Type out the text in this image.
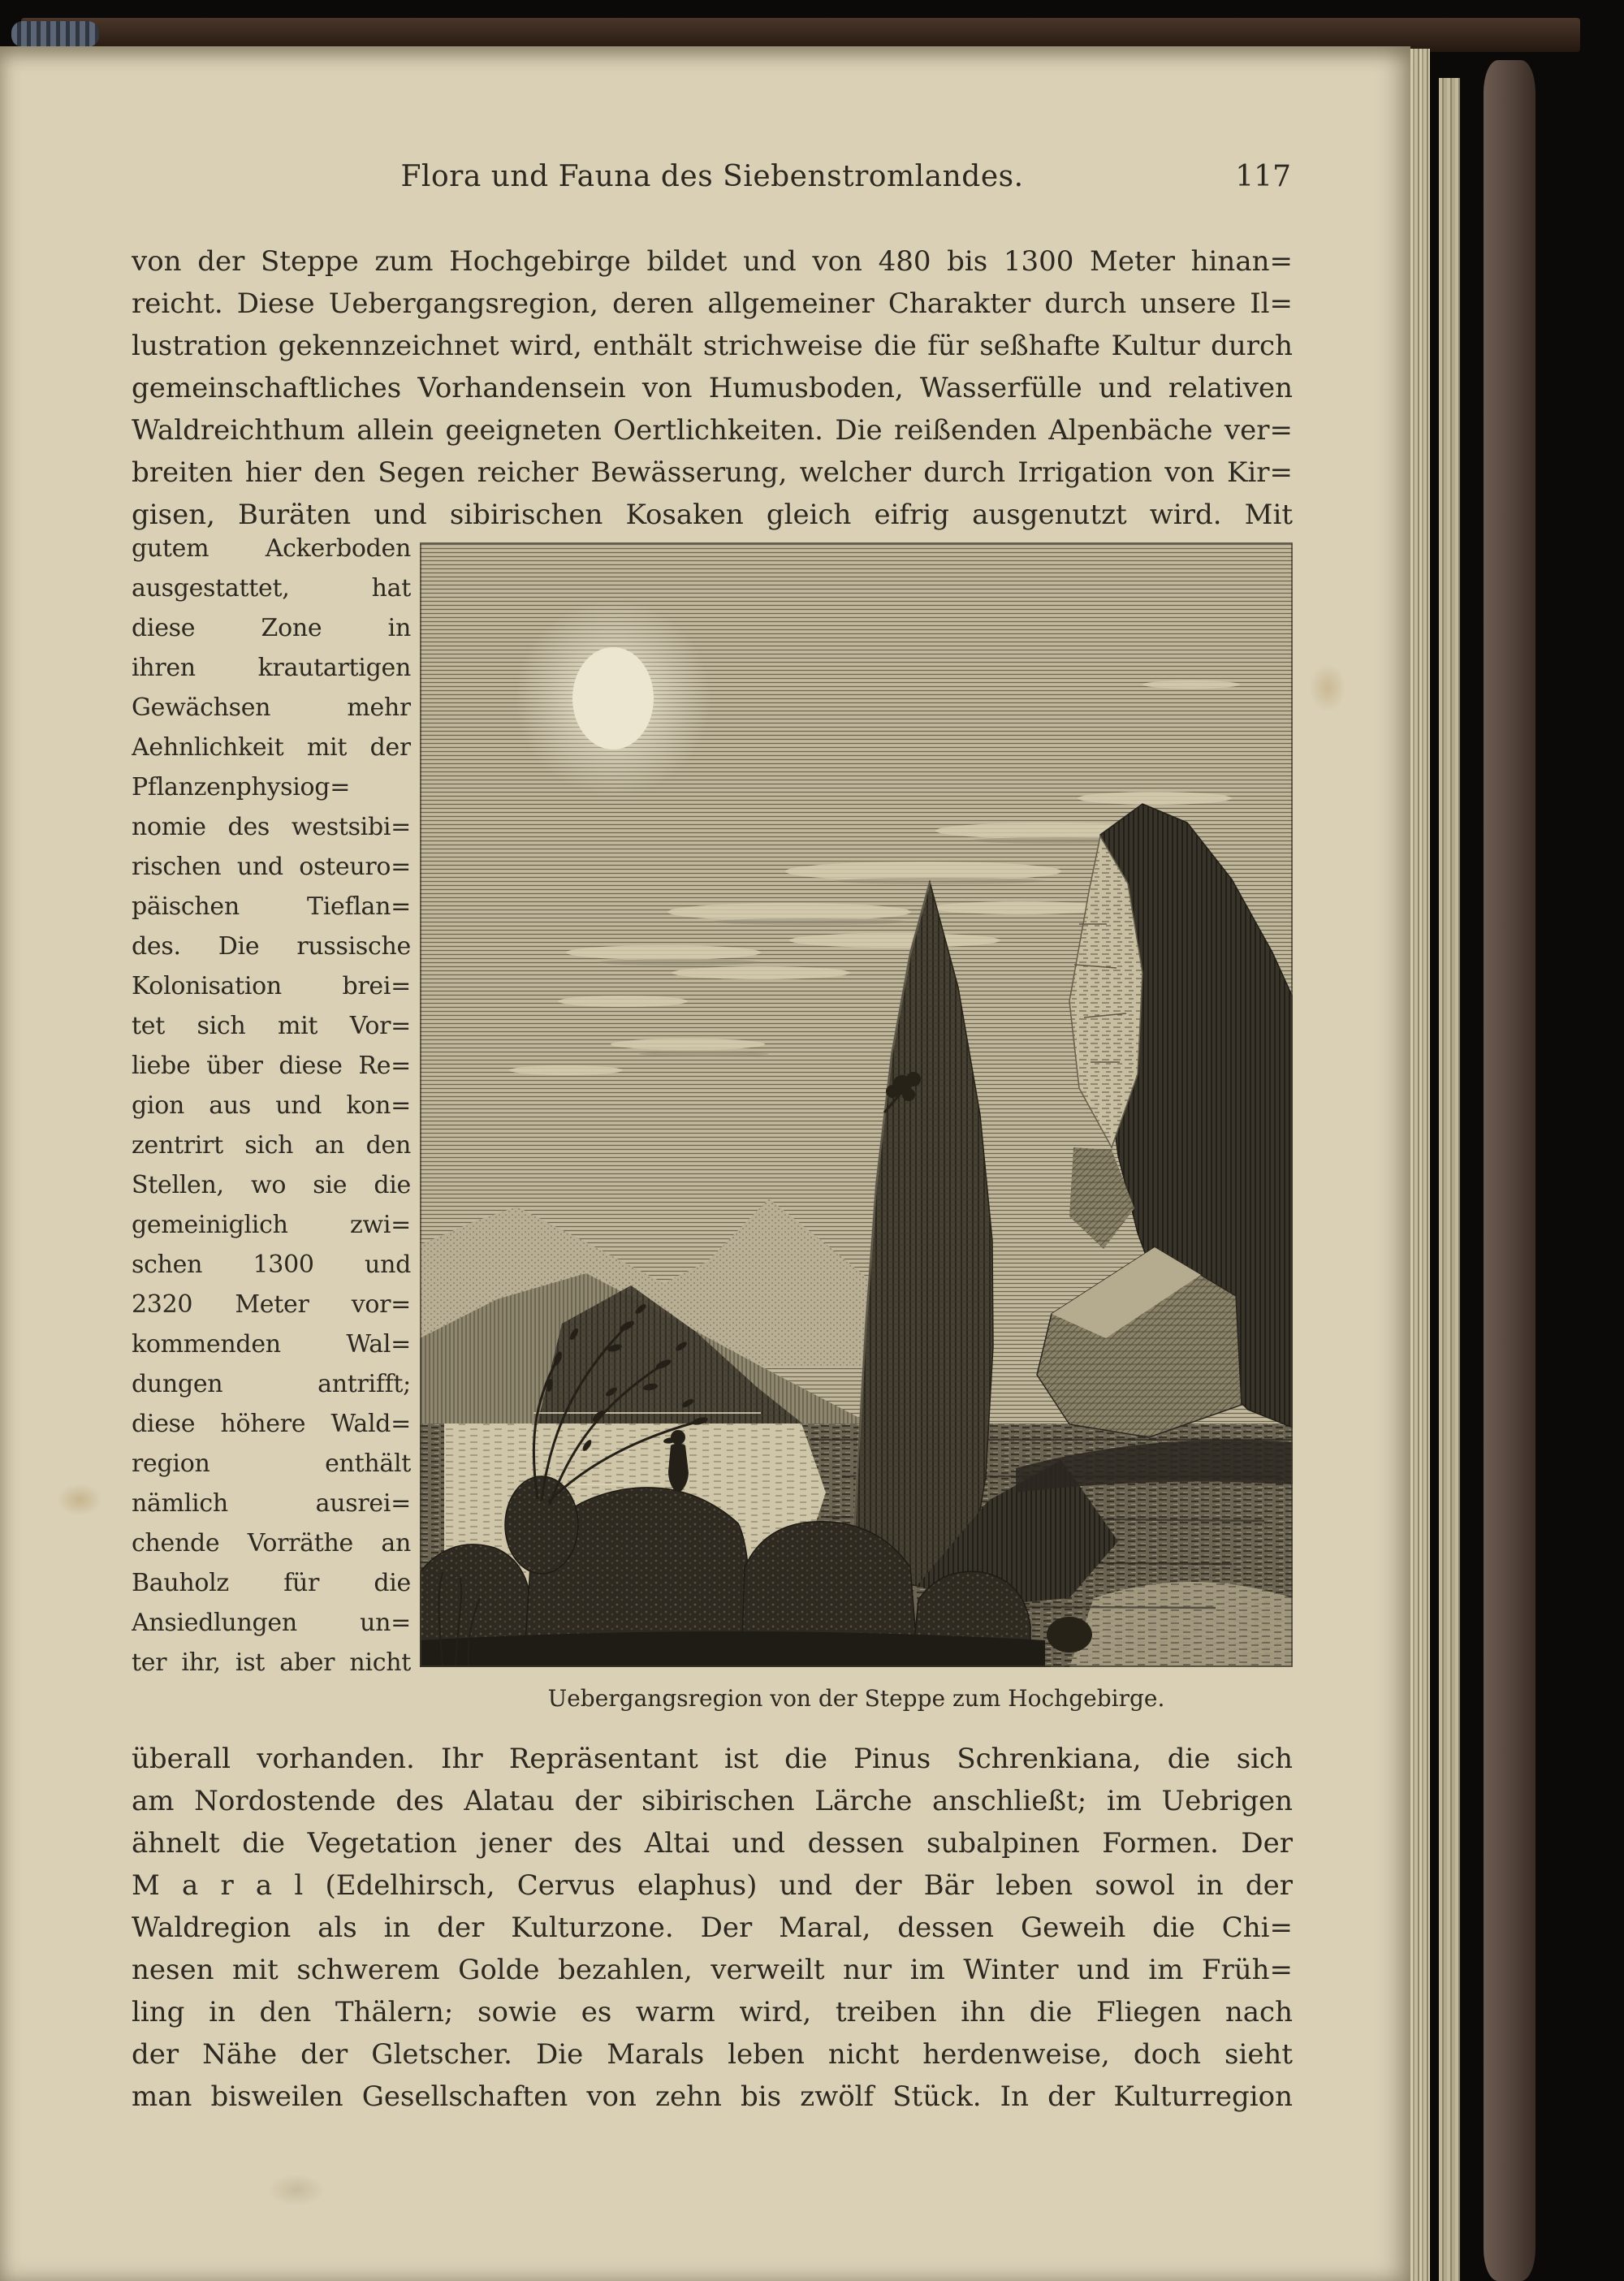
Flora und Fauna des Siebenstromlandes.	117
von der Steppe zum Hochgebirge bildet und von 480 bis 1300 Meter hinan=
reicht. Diese Uebergangsregion, deren allgemeiner Charakter durch unsere Il=
lustration gekennzeichnet wird, enthält strichweise die für seßhafte Kultur durch
gemeinschaftliches Vorhandensein von Humusboden, Wasserfülle und relativen
Waldreichthum allein geeigneten Oertlichkeiten. Die reißenden Alpenbäche ver=
breiten hier den Segen reicher Bewässerung, welcher durch Irrigation von Kir=
gisen, Buräten und sibirischen Kosaken gleich eifrig ausgenutzt wird. Mit
gutem Ackerboden
ausgestattet, hat
diese Zone in
ihren krautartigen
Gewächsen mehr
Aehnlichkeit mit der
Pflanzenphysiog=
nomie des westsibi=
rischen und osteuro=
päischen Tieflan=
des. Die russische
Kolonisation brei=
tet sich mit Vor=
liebe über diese Re=
gion aus und kon=
zentrirt sich an den
Stellen, wo sie die
gemeiniglich zwi=
schen 1300 und
2320 Meter vor=
kommenden Wal=
dungen antrifft;
diese höhere Wald=
region enthält
nämlich ausrei=
chende Vorräthe an
Bauholz für die
Ansiedlungen un=
ter ihr, ist aber nicht
Uebergangsregion von der Steppe zum Hochgebirge.
überall vorhanden. Ihr Repräsentant ist die Pinus Schrenkiana, die sich
am Nordostende des Alatau der sibirischen Lärche anschließt; im Uebrigen
ähnelt die Vegetation jener des Altai und dessen subalpinen Formen. Der
M a r a l (Edelhirsch, Cervus elaphus) und der Bär leben sowol in der
Waldregion als in der Kulturzone. Der Maral, dessen Geweih die Chi=
nesen mit schwerem Golde bezahlen, verweilt nur im Winter und im Früh=
ling in den Thälern; sowie es warm wird, treiben ihn die Fliegen nach
der Nähe der Gletscher. Die Marals leben nicht herdenweise, doch sieht
man bisweilen Gesellschaften von zehn bis zwölf Stück. In der Kulturregion
